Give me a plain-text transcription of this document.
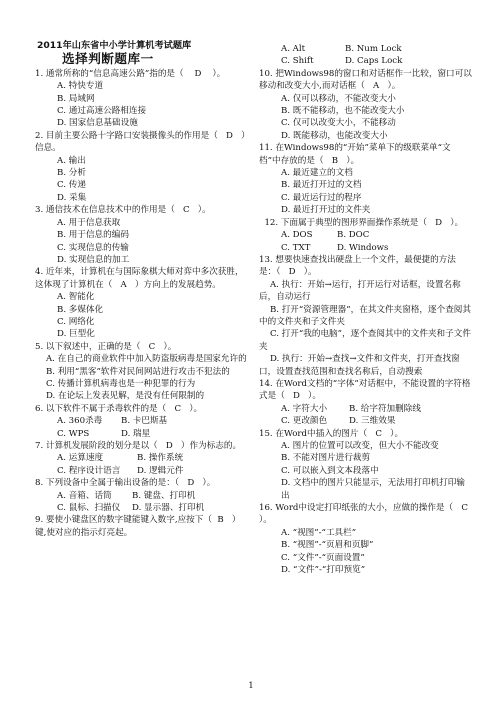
2011年山东省中小学计算机考试题库
选择判断题库一
1. 通常所称的“信息高速公路”指的是（    D    ）。
A. 特快专道
B. 局域网
C. 通过高速公路相连接
D. 国家信息基础设施
2. 目前主要公路十字路口安装摄像头的作用是（   D   ）信息。
A. 输出
B. 分析
C. 传递
D. 采集
3. 通信技术在信息技术中的作用是（   C   ）。
A. 用于信息获取
B. 用于信息的编码
C. 实现信息的传输
D. 实现信息的加工
4. 近年来，计算机在与国际象棋大师对弈中多次获胜，这体现了计算机在（   A   ）方向上的发展趋势。
A. 智能化
B. 多媒体化
C. 网络化
D. 巨型化
5. 以下叙述中，正确的是（   C   ）。
A. 在自己的商业软件中加入防盗版病毒是国家允许的
B. 利用“黑客”软件对民间网站进行攻击不犯法的
C. 传播计算机病毒也是一种犯罪的行为
D. 在论坛上发表见解，是没有任何限制的
6. 以下软件不属于杀毒软件的是（   C   ）。
A. 360杀毒	B. 卡巴斯基
C. WPS	D. 瑞星
7. 计算机发展阶段的划分是以（   D   ）作为标志的。
A. 运算速度	B. 操作系统
C. 程序设计语言	D. 逻辑元件
8. 下列设备中全属于输出设备的是：（   D   ）。
A. 音箱、话筒	B. 键盘、打印机
C. 鼠标、扫描仪	D. 显示器、打印机
9. 要使小键盘区的数字键能键入数字,应按下（  B   ）键,使对应的指示灯亮起。
A. Alt	B. Num Lock
C. Shift	D. Caps Lock
10. 把Windows98的窗口和对话框作一比较，窗口可以移动和改变大小,而对话框（   A   ）。
A. 仅可以移动，不能改变大小
B. 既不能移动，也不能改变大小
C. 仅可以改变大小，不能移动
D. 既能移动，也能改变大小
11. 在Windows98的“开始”菜单下的级联菜单“文档”中存放的是（   B   ）。
A. 最近建立的文档
B. 最近打开过的文档
C. 最近运行过的程序
D. 最近打开过的文件夹
12. 下面属于典型的图形界面操作系统是（   D   ）。
A. DOS	B. DOC
C. TXT	D. Windows
13. 想要快速查找出硬盘上一个文件，最便捷的方法是：（   D   ）。
A. 执行：开始→运行，打开运行对话框，设置名称后，自动运行
B. 打开“资源管理器”，在其文件夹窗格，逐个查阅其中的文件夹和子文件夹
C. 打开“我的电脑”，逐个查阅其中的文件夹和子文件夹
D. 执行：开始→查找→文件和文件夹，打开查找窗口，设置查找范围和查找名称后，自动搜索
14. 在Word文档的“字体”对话框中，不能设置的字符格式是（   D   ）。
A. 字符大小	B. 给字符加删除线
C. 更改颜色	D. 三维效果
15. 在Word中插入的图片（   C   ）。
A. 图片的位置可以改变，但大小不能改变
B. 不能对图片进行裁剪
C. 可以嵌入到文本段落中
D. 文档中的图片只能显示，无法用打印机打印输出
16. Word中设定打印纸张的大小，应做的操作是（   C   ）。
A. “视图”-“工具栏”
B. “视图”-“页眉和页脚”
C. “文件”-“页面设置”
D. “文件”-“打印预览”
1
